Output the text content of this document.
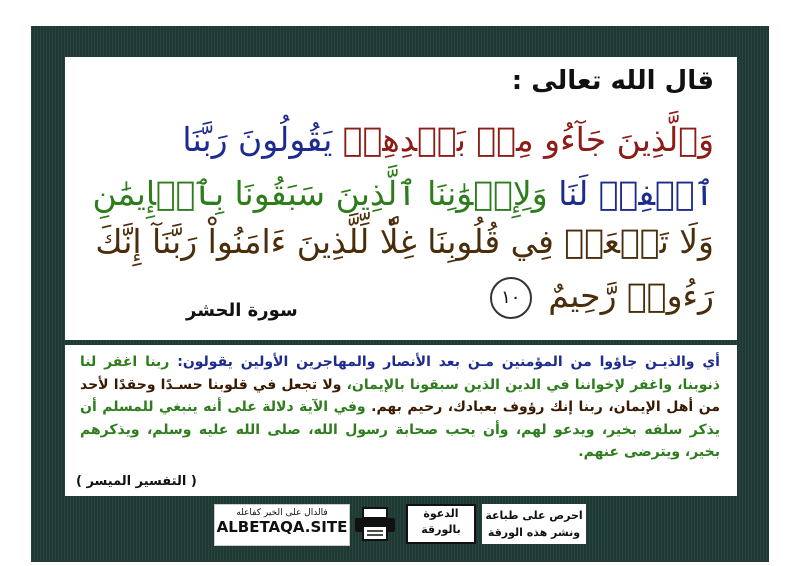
قال الله تعالى :
وَٱلَّذِينَ جَآءُو مِنۢ بَعۡدِهِمۡ يَقُولُونَ رَبَّنَا
ٱغۡفِرۡ لَنَا وَلِإِخۡوَٰنِنَا ٱلَّذِينَ سَبَقُونَا بِٱلۡإِيمَٰنِ
وَلَا تَجۡعَلۡ فِي قُلُوبِنَا غِلّٗا لِّلَّذِينَ ءَامَنُواْ رَبَّنَآ إِنَّكَ
رَءُوفٞ رَّحِيمٌ ١٠
سورة الحشر
أي والذيـن جاؤوا من المؤمنين مـن بعد الأنصار والمهاجرين الأولين يقولون: ربنا اغفر لنا ذنوبنا، واغفر لإخواننا في الدين الذين سبقونا بالإيمان، ولا تجعل في قلوبنا حسـدًا وحقدًا لأحد من أهل الإيمان، ربنا إنك رؤوف بعبادك، رحيم بهم. وفي الآية دلالة على أنه ينبغي للمسلم أن يذكر سلفه بخير، ويدعو لهم، وأن يحب صحابة رسول الله، صلى الله عليه وسلم، ويذكرهم بخير، ويترضى عنهم.
( التفسير الميسر )
فالدال على الخير كفاعله
ALBETAQA.SITE
الدعوة
بالورقة
احرص على طباعة
ونشر هذه الورقة
